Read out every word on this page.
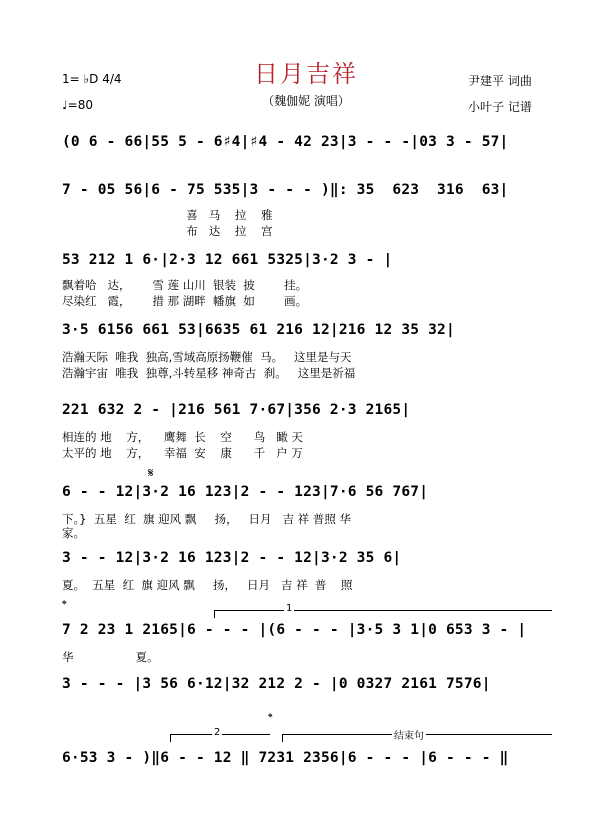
1= ♭D 4/4
♩=80
日月吉祥
（魏伽妮 演唱）
尹建平 词曲
小叶子 记谱
(0 6 - 66|55 5 - 6♯4|♯4 - 42 23|3 - - -|03 3 - 57|
7 - 05 56|6 - 75 535|3 - - - )‖: 35  623  316  63|
喜   马    拉    雅
布   达    拉    宫
53 212 1 6·|2·3 12 661 5325|3·2 3 - |
飘着哈   达，      雪 莲 山川  银装  披        挂。
尽染红   霞，      措 那 湖畔  幡旗  如        画。
3·5 6156 661 53|6635 61 216 12|216 12 35 32|
浩瀚天际  唯我  独高,雪域高原扬鞭催  马。   这里是与天
浩瀚宇宙  唯我  独尊,斗转星移 神奇古  刹。   这里是祈福
221 632 2 - |216 561 7·67|356 2·3 2165|
相连的 地    方，    鹰舞  长    空      鸟   瞰 天
太平的 地    方，    幸福  安    康      千   户 万
𝄋
6 - - 12|3·2 16 123|2 - - 123|7·6 56 767|
下。}  五星  红  旗 迎风 飘     扬，   日月   吉 祥 普照 华
家。
3 - - 12|3·2 16 123|2 - - 12|3·2 35 6|
夏。  五星  红  旗 迎风 飘     扬，   日月   吉 祥  普    照
𝄌	1
7 2 23 1 2165|6 - - - |(6 - - - |3·5 3 1|0 653 3 - |
华                 夏。
3 - - - |3 56 6·12|32 212 2 - |0 0327 2161 7576|
2
𝄌
结束句
6·53 3 - )‖6 - - 12 ‖ 7231 2356|6 - - - |6 - - - ‖
